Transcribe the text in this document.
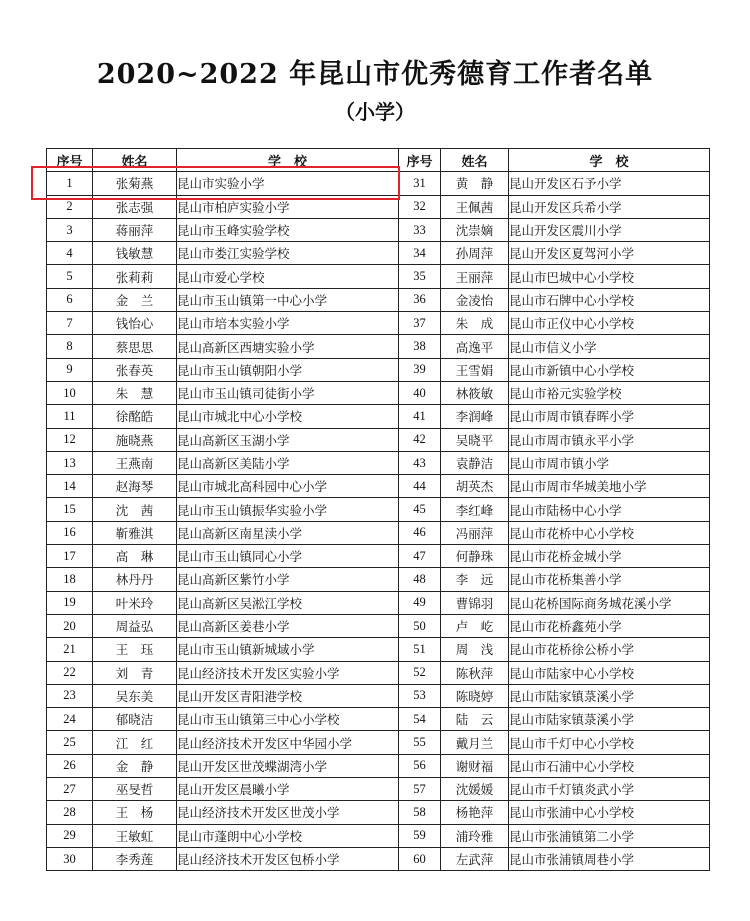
2020~2022 年昆山市优秀德育工作者名单
（小学）
序号	姓名	学　校	序号	姓名	学　校
1	张菊燕	昆山市实验小学	31	黄　静	昆山开发区石予小学
2	张志强	昆山市柏庐实验小学	32	王佩茜	昆山开发区兵希小学
3	蒋丽萍	昆山市玉峰实验学校	33	沈崇嫡	昆山开发区震川小学
4	钱敏慧	昆山市娄江实验学校	34	孙周萍	昆山开发区夏驾河小学
5	张莉莉	昆山市爱心学校	35	王丽萍	昆山市巴城中心小学校
6	金　兰	昆山市玉山镇第一中心小学	36	金凌怡	昆山市石牌中心小学校
7	钱怡心	昆山市培本实验小学	37	朱　成	昆山市正仪中心小学校
8	蔡思思	昆山高新区西塘实验小学	38	高逸平	昆山市信义小学
9	张春英	昆山市玉山镇朝阳小学	39	王雪娟	昆山市新镇中心小学校
10	朱　慧	昆山市玉山镇司徒街小学	40	林筱敏	昆山市裕元实验学校
11	徐酩皓	昆山市城北中心小学校	41	李润峰	昆山市周市镇春晖小学
12	施晓燕	昆山高新区玉湖小学	42	吴晓平	昆山市周市镇永平小学
13	王燕南	昆山高新区美陆小学	43	袁静洁	昆山市周市镇小学
14	赵海琴	昆山市城北高科园中心小学	44	胡英杰	昆山市周市华城美地小学
15	沈　茜	昆山市玉山镇振华实验小学	45	李红峰	昆山市陆杨中心小学
16	靳雅淇	昆山高新区南星渎小学	46	冯丽萍	昆山市花桥中心小学校
17	高　琳	昆山市玉山镇同心小学	47	何静珠	昆山市花桥金城小学
18	林丹丹	昆山高新区紫竹小学	48	李　远	昆山市花桥集善小学
19	叶米玲	昆山高新区吴淞江学校	49	曹锦羽	昆山花桥国际商务城花溪小学
20	周益弘	昆山高新区姜巷小学	50	卢　屹	昆山市花桥鑫苑小学
21	王　珏	昆山市玉山镇新城域小学	51	周　浅	昆山市花桥徐公桥小学
22	刘　青	昆山经济技术开发区实验小学	52	陈秋萍	昆山市陆家中心小学校
23	吴东美	昆山开发区青阳港学校	53	陈晓婷	昆山市陆家镇菉溪小学
24	郁晓洁	昆山市玉山镇第三中心小学校	54	陆　云	昆山市陆家镇菉溪小学
25	江　红	昆山经济技术开发区中华园小学	55	戴月兰	昆山市千灯中心小学校
26	金　静	昆山开发区世茂蝶湖湾小学	56	谢财福	昆山市石浦中心小学校
27	巫旻哲	昆山开发区晨曦小学	57	沈媛媛	昆山市千灯镇炎武小学
28	王　杨	昆山经济技术开发区世茂小学	58	杨艳萍	昆山市张浦中心小学校
29	王敏虹	昆山市蓬朗中心小学校	59	浦玲雅	昆山市张浦镇第二小学
30	李秀莲	昆山经济技术开发区包桥小学	60	左武萍	昆山市张浦镇周巷小学
